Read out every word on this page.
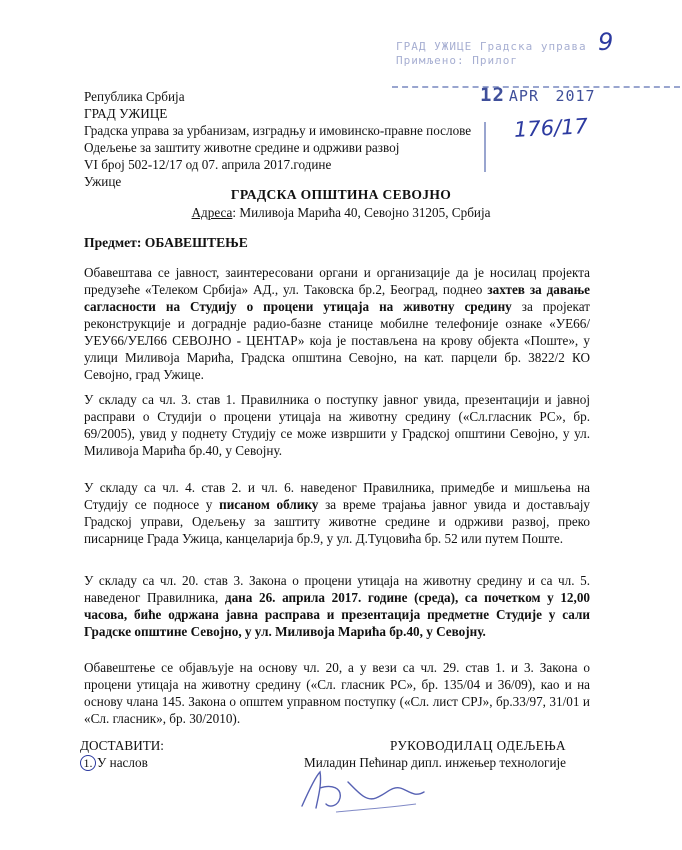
ГРАД УЖИЦЕ Градска управа
Примљено: Прилог
12 APR 2017
176/17
9
Република Србија
ГРАД УЖИЦЕ
Градска управа за урбанизам, изградњу и имовинско-правне послове
Одељење за заштиту животне средине и одрживи развој
VI број 502-12/17 од 07. априла 2017.године
Ужице
ГРАДСКА ОПШТИНА СЕВОЈНО
Адреса: Миливоја Марића 40, Севојно 31205, Србија
Предмет: ОБАВЕШТЕЊЕ
Обавештава се јавност, заинтересовани органи и организације да је носилац пројекта предузеће «Телеком Србија» АД., ул. Таковска бр.2, Београд, поднео захтев за давање сагласности на Студију о процени утицаја на животну средину за пројекат реконструкције и дограднје радио-базне станице мобилне телефоније ознаке «УЕ66/УЕУ66/УЕЛ66 СЕВОЈНО - ЦЕНТАР» која је постављена на крову објекта «Поште», у улици Миливоја Марића, Градска општина Севојно, на кат. парцели бр. 3822/2 КО Севојно, град Ужице.
У складу са чл. 3. став 1. Правилника о поступку јавног увида, презентацији и јавној расправи о Студији о процени утицаја на животну средину («Сл.гласник РС», бр. 69/2005), увид у поднету Студију се може извршити у Градској општини Севојно, у ул. Миливоја Марића бр.40, у Севојну.
У складу са чл. 4. став 2. и чл. 6. наведеног Правилника, примедбе и мишљења на Студију се подносе у писаном облику за време трајања јавног увида и достављају Градској управи, Одељењу за заштиту животне средине и одрживи развој, преко писарнице Града Ужица, канцеларија бр.9, у ул. Д.Туцовића бр. 52 или путем Поште.
У складу са чл. 20. став 3. Закона о процени утицаја на животну средину и са чл. 5. наведеног Правилника, дана 26. априла 2017. године (среда), са почетком у 12,00 часова, биће одржана јавна расправа и презентација предметне Студије у сали Градске општине Севојно, у ул. Миливоја Марића бр.40, у Севојну.
Обавештење се објављује на основу чл. 20, а у вези са чл. 29. став 1. и 3. Закона о процени утицаја на животну средину («Сл. гласник РС», бр. 135/04 и 36/09), као и на основу члана 145. Закона о општем управном поступку («Сл. лист СРЈ», бр.33/97, 31/01 и «Сл. гласник», бр. 30/2010).
ДОСТАВИТИ:
1. У наслов
РУКОВОДИЛАЦ ОДЕЉЕЊА
Миладин Пећинар дипл. инжењер технологије
